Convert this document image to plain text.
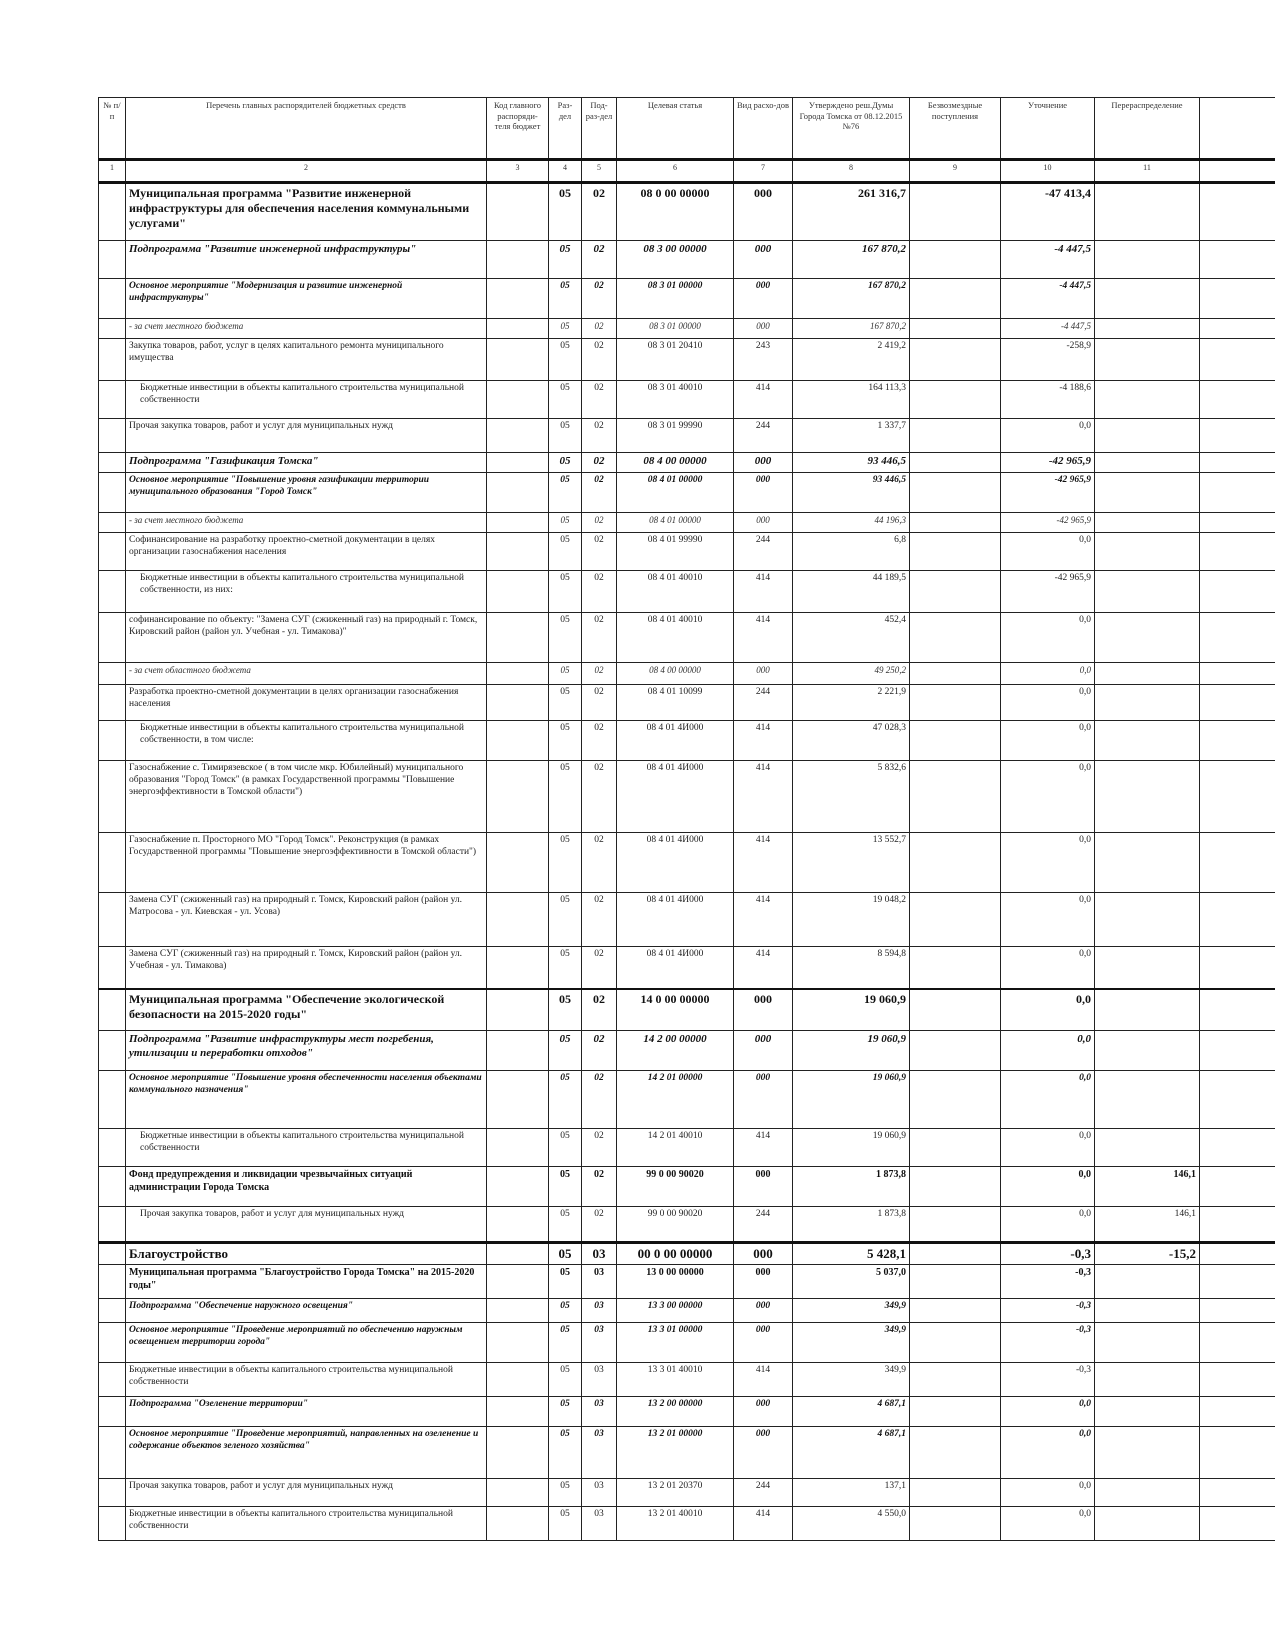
№ п/п	Перечень главных распорядителей бюджетных средств	Код главного распоряди-теля бюджет	Раз-дел	Под-раз-дел	Целевая статья	Вид расхо-дов	Утверждено реш.Думы Города Томска от 08.12.2015 №76	Безвозмездные поступления	Уточнение	Перераспределение	
1	2	3	4	5	6	7	8	9	10	11	
	Муниципальная программа "Развитие инженерной инфраструктуры для обеспечения населения коммунальными услугами"		05	02	08 0 00 00000	000	261 316,7		-47 413,4		
	Подпрограмма "Развитие инженерной инфраструктуры"		05	02	08 3 00 00000	000	167 870,2		-4 447,5		
	Основное мероприятие "Модернизация и развитие инженерной инфраструктуры"		05	02	08 3 01 00000	000	167 870,2		-4 447,5		
	- за счет местного бюджета		05	02	08 3 01 00000	000	167 870,2		-4 447,5		
	Закупка товаров, работ, услуг в целях капитального ремонта муниципального имущества		05	02	08 3 01 20410	243	2 419,2		-258,9		
	Бюджетные инвестиции в объекты капитального строительства муниципальной собственности		05	02	08 3 01 40010	414	164 113,3		-4 188,6		
	Прочая закупка товаров, работ и услуг для муниципальных нужд		05	02	08 3 01 99990	244	1 337,7		0,0		
	Подпрограмма "Газификация Томска"		05	02	08 4 00 00000	000	93 446,5		-42 965,9		
	Основное мероприятие "Повышение уровня газификации территории муниципального образования "Город Томск"		05	02	08 4 01 00000	000	93 446,5		-42 965,9		
	- за счет местного бюджета		05	02	08 4 01 00000	000	44 196,3		-42 965,9		
	Софинансирование на разработку проектно-сметной документации в целях организации газоснабжения населения		05	02	08 4 01 99990	244	6,8		0,0		
	Бюджетные инвестиции в объекты капитального строительства муниципальной собственности, из них:		05	02	08 4 01 40010	414	44 189,5		-42 965,9		
	софинансирование по объекту: "Замена СУГ (сжиженный газ) на природный г. Томск, Кировский район (район ул. Учебная - ул. Тимакова)"		05	02	08 4 01 40010	414	452,4		0,0		
	- за счет областного бюджета		05	02	08 4 00 00000	000	49 250,2		0,0		
	Разработка проектно-сметной документации в целях организации газоснабжения населения		05	02	08 4 01 10099	244	2 221,9		0,0		
	Бюджетные инвестиции в объекты капитального строительства муниципальной собственности, в том числе:		05	02	08 4 01 4И000	414	47 028,3		0,0		
	Газоснабжение с. Тимирязевское ( в том числе мкр. Юбилейный) муниципального образования "Город Томск" (в рамках Государственной программы "Повышение энергоэффективности в Томской области")		05	02	08 4 01 4И000	414	5 832,6		0,0		
	Газоснабжение п. Просторного МО "Город Томск". Реконструкция (в рамках Государственной программы "Повышение энергоэффективности в Томской области")		05	02	08 4 01 4И000	414	13 552,7		0,0		
	Замена СУГ (сжиженный газ) на природный г. Томск, Кировский район (район ул. Матросова - ул. Киевская - ул. Усова)		05	02	08 4 01 4И000	414	19 048,2		0,0		
	Замена СУГ (сжиженный газ) на природный г. Томск, Кировский район (район ул. Учебная - ул. Тимакова)		05	02	08 4 01 4И000	414	8 594,8		0,0		
	Муниципальная программа "Обеспечение экологической безопасности на 2015-2020 годы"		05	02	14 0 00 00000	000	19 060,9		0,0		
	Подпрограмма "Развитие инфраструктуры мест погребения, утилизации и переработки отходов"		05	02	14 2 00 00000	000	19 060,9		0,0		
	Основное мероприятие "Повышение уровня обеспеченности населения объектами коммунального назначения"		05	02	14 2 01 00000	000	19 060,9		0,0		
	Бюджетные инвестиции в объекты капитального строительства муниципальной собственности		05	02	14 2 01 40010	414	19 060,9		0,0		
	Фонд предупреждения и ликвидации чрезвычайных ситуаций администрации Города Томска		05	02	99 0 00 90020	000	1 873,8		0,0	146,1	
	Прочая закупка товаров, работ и услуг для муниципальных нужд		05	02	99 0 00 90020	244	1 873,8		0,0	146,1	
	Благоустройство		05	03	00 0 00 00000	000	5 428,1		-0,3	-15,2	
	Муниципальная программа "Благоустройство Города Томска" на 2015-2020 годы"		05	03	13 0 00 00000	000	5 037,0		-0,3		
	Подпрограмма "Обеспечение наружного освещения"		05	03	13 3 00 00000	000	349,9		-0,3		
	Основное мероприятие "Проведение мероприятий по обеспечению наружным освещением территории города"		05	03	13 3 01 00000	000	349,9		-0,3		
	Бюджетные инвестиции в объекты капитального строительства муниципальной собственности		05	03	13 3 01 40010	414	349,9		-0,3		
	Подпрограмма "Озеленение территории"		05	03	13 2 00 00000	000	4 687,1		0,0		
	Основное мероприятие "Проведение мероприятий, направленных на озеленение и содержание объектов зеленого хозяйства"		05	03	13 2 01 00000	000	4 687,1		0,0		
	Прочая закупка товаров, работ и услуг для муниципальных нужд		05	03	13 2 01 20370	244	137,1		0,0		
	Бюджетные инвестиции в объекты капитального строительства муниципальной собственности		05	03	13 2 01 40010	414	4 550,0		0,0		
